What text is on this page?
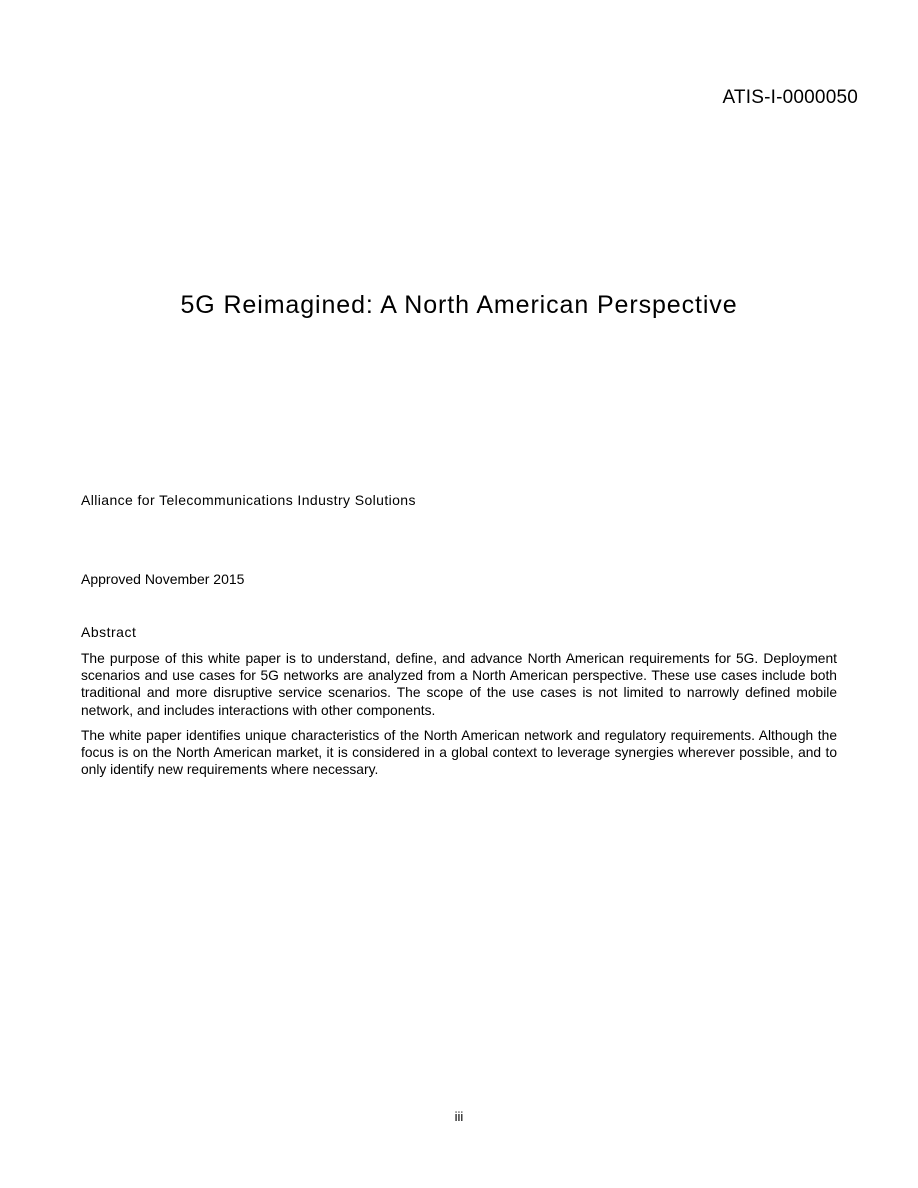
ATIS-I-0000050
5G Reimagined: A North American Perspective
Alliance for Telecommunications Industry Solutions
Approved November 2015
Abstract

The purpose of this white paper is to understand, define, and advance North American requirements for 5G. Deployment scenarios and use cases for 5G networks are analyzed from a North American perspective. These use cases include both traditional and more disruptive service scenarios. The scope of the use cases is not limited to narrowly defined mobile network, and includes interactions with other components.

The white paper identifies unique characteristics of the North American network and regulatory requirements. Although the focus is on the North American market, it is considered in a global context to leverage synergies wherever possible, and to only identify new requirements where necessary.

iii
